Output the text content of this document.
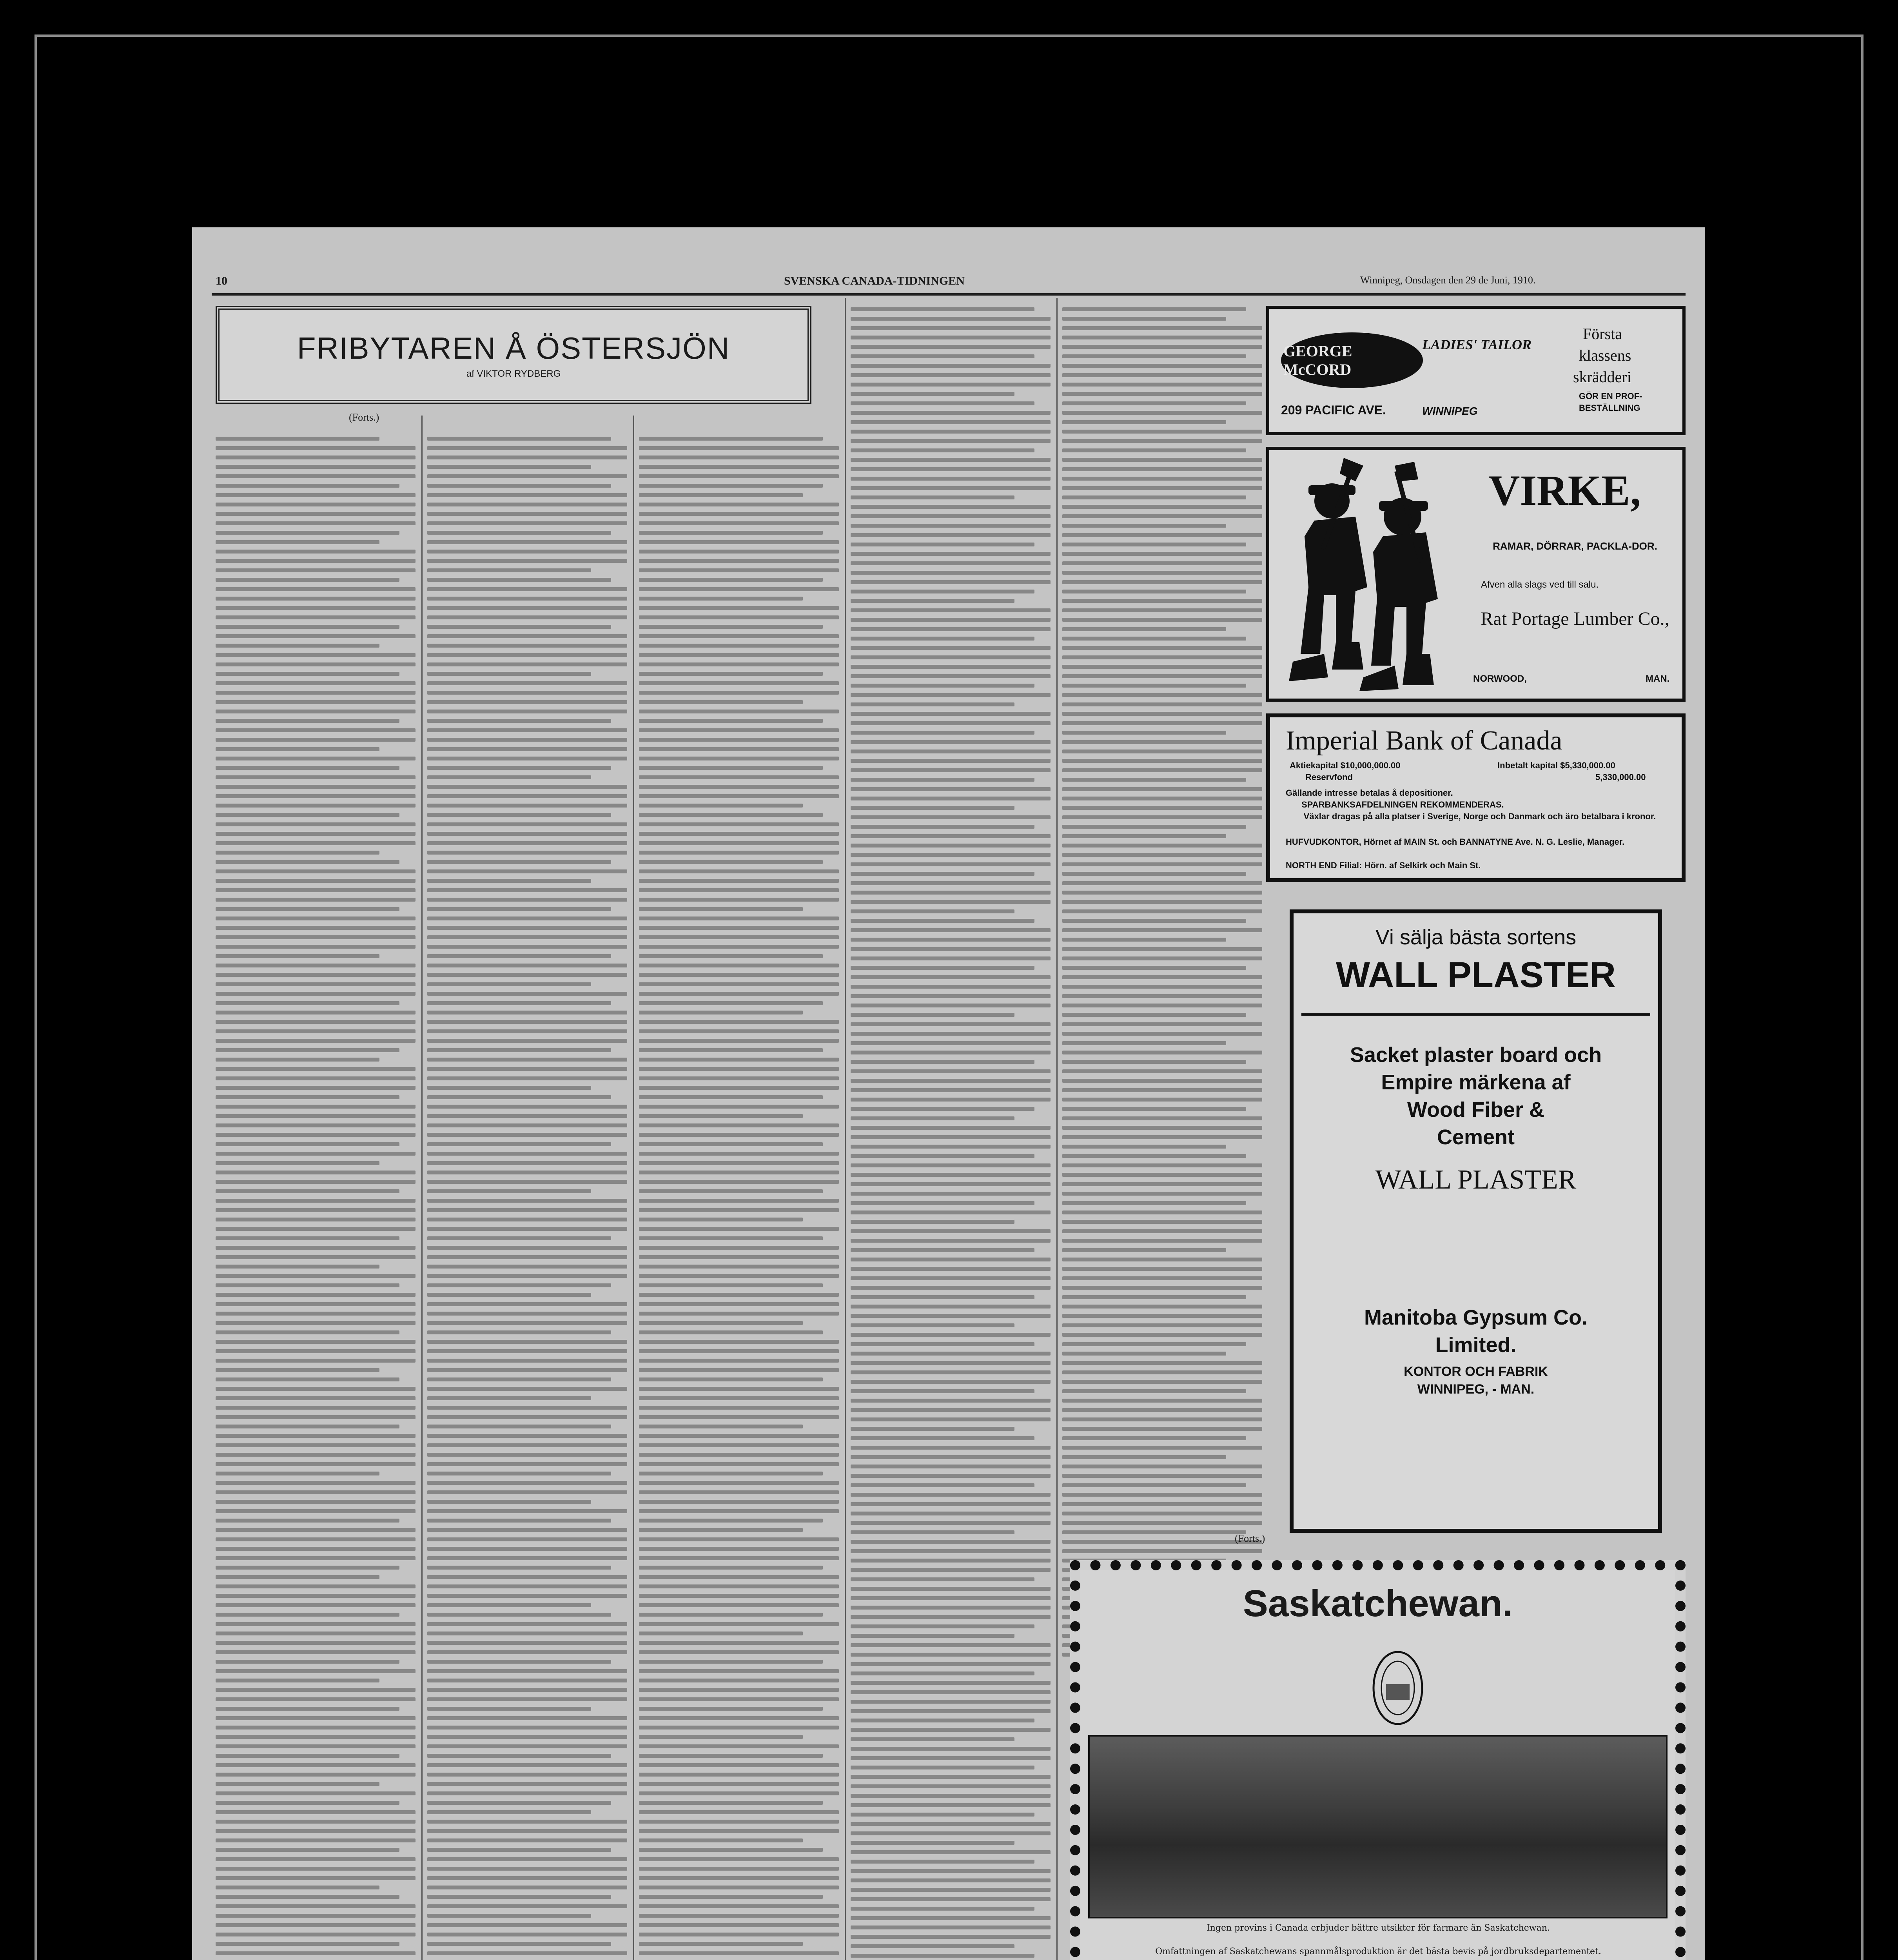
10	SVENSKA CANADA-TIDNINGEN	Winnipeg, Onsdagen den 29 de Juni, 1910.
FRIBYTAREN Å ÖSTERSJÖN
af VIKTOR RYDBERG
(Forts.)
(Forts.)
GEORGE McCORD
LADIES' TAILOR
209 PACIFIC AVE.	WINNIPEG
Första
klassens
skrädderi
GÖR EN PROF-
BESTÄLLNING
VIRKE,
RAMAR, DÖRRAR, PACKLA-DOR.
Afven alla slags ved till salu.
Rat Portage Lumber Co.,
NORWOOD,	MAN.
Imperial Bank of Canada
Aktiekapital $10,000,000.00	Inbetalt kapital $5,330,000.00
Reservfond	5,330,000.00
Gällande intresse betalas å depositioner.
SPARBANKSAFDELNINGEN REKOMMENDERAS.
Växlar dragas på alla platser i Sverige, Norge och Danmark och äro betalbara i kronor.
HUFVUDKONTOR, Hörnet af MAIN St. och BANNATYNE Ave. N. G. Leslie, Manager.
NORTH END Filial: Hörn. af Selkirk och Main St.
Vi sälja bästa sortens
WALL PLASTER
Sacket plaster board och
Empire märkena af
Wood Fiber &
Cement
WALL PLASTER
Manitoba Gypsum Co.
Limited.
KONTOR OCH FABRIK
WINNIPEG, - MAN.
Saskatchewan.
Ingen provins i Canada erbjuder bättre utsikter för farmare än Saskatchewan.
Omfattningen af Saskatchewans spannmålsproduktion är det bästa bevis på jordbruksdepartementet.
